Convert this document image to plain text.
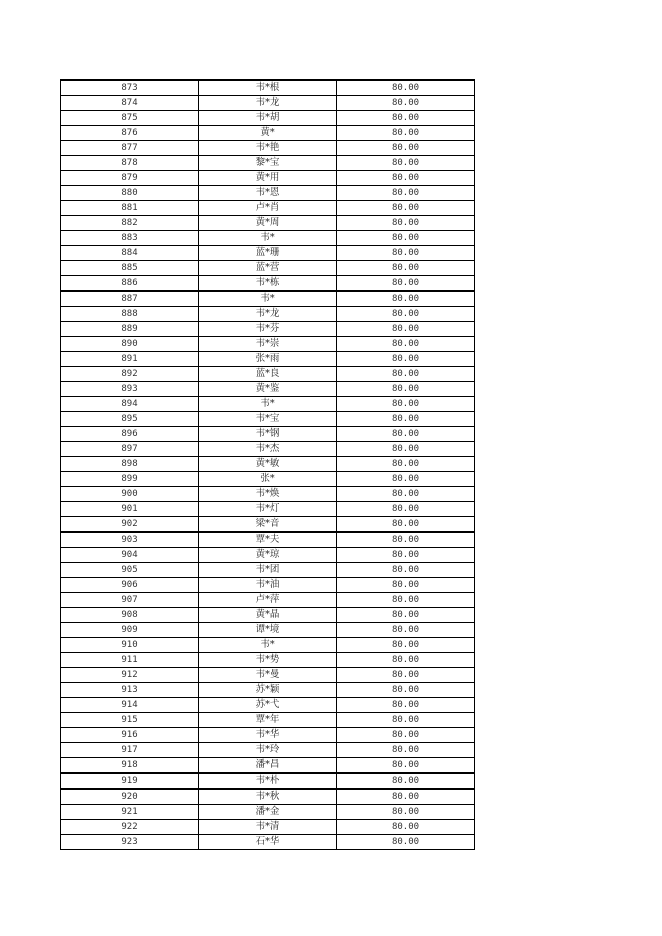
873	韦*根	80.00
874	韦*龙	80.00
875	韦*胡	80.00
876	黄*	80.00
877	韦*艳	80.00
878	黎*宝	80.00
879	黄*用	80.00
880	韦*恩	80.00
881	卢*肖	80.00
882	黄*周	80.00
883	韦*	80.00
884	蓝*珊	80.00
885	蓝*营	80.00
886	韦*栋	80.00
887	韦*	80.00
888	韦*龙	80.00
889	韦*芬	80.00
890	韦*崇	80.00
891	张*雨	80.00
892	蓝*良	80.00
893	黄*鉴	80.00
894	韦*	80.00
895	韦*宝	80.00
896	韦*钢	80.00
897	韦*杰	80.00
898	黄*敏	80.00
899	张*	80.00
900	韦*焕	80.00
901	韦*灯	80.00
902	梁*音	80.00
903	覃*夫	80.00
904	黄*琼	80.00
905	韦*团	80.00
906	韦*油	80.00
907	卢*萍	80.00
908	黄*晶	80.00
909	谭*境	80.00
910	韦*	80.00
911	韦*势	80.00
912	韦*曼	80.00
913	苏*颖	80.00
914	苏*弋	80.00
915	覃*年	80.00
916	韦*华	80.00
917	韦*玲	80.00
918	潘*昌	80.00
919	韦*朴	80.00
920	韦*秋	80.00
921	潘*金	80.00
922	韦*清	80.00
923	石*华	80.00
